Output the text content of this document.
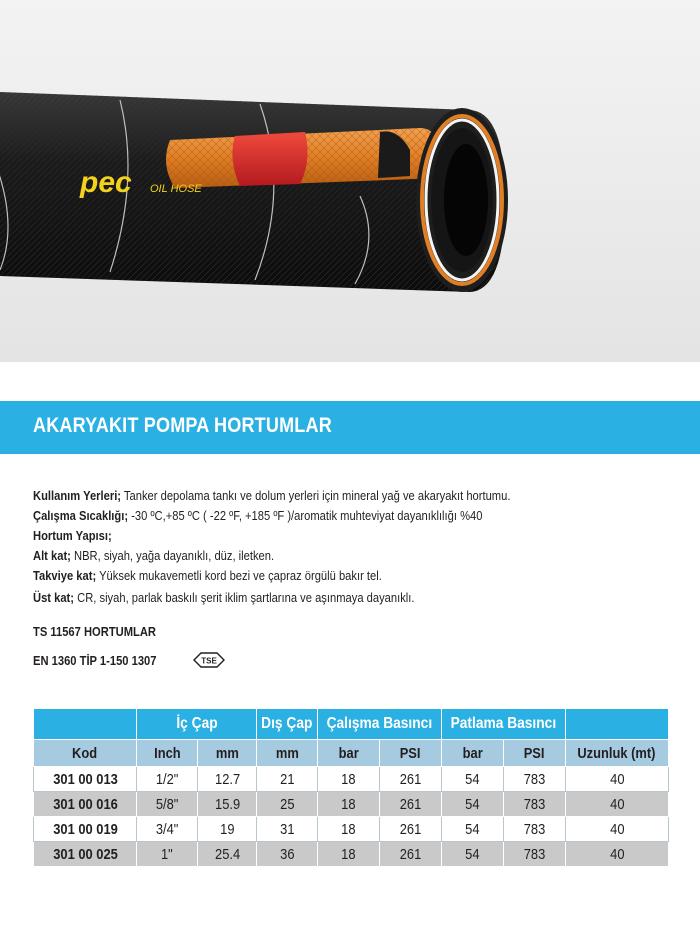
pec OIL HOSE
AKARYAKIT POMPA HORTUMLAR
Kullanım Yerleri; Tanker depolama tankı ve dolum yerleri için mineral yağ ve akaryakıt hortumu.
Çalışma Sıcaklığı; -30 ºC,+85 ºC ( -22 ºF, +185 ºF )/aromatik muhteviyat dayanıklılığı %40
Hortum Yapısı;
Alt kat; NBR, siyah, yağa dayanıklı, düz, iletken.
Takviye kat; Yüksek mukavemetli kord bezi ve çapraz örgülü bakır tel.
Üst kat; CR, siyah, parlak baskılı şerit iklim şartlarına ve aşınmaya dayanıklı.
TS 11567 HORTUMLAR
EN 1360 TİP 1-150 1307	TSE
	İç Çap		Dış Çap	Çalışma Basıncı		Patlama Basıncı		
Kod	Inch	mm	mm	bar	PSI	bar	PSI	Uzunluk (mt)
301 00 013	1/2"	12.7	21	18	261	54	783	40
301 00 016	5/8"	15.9	25	18	261	54	783	40
301 00 019	3/4"	19	31	18	261	54	783	40
301 00 025	1"	25.4	36	18	261	54	783	40
